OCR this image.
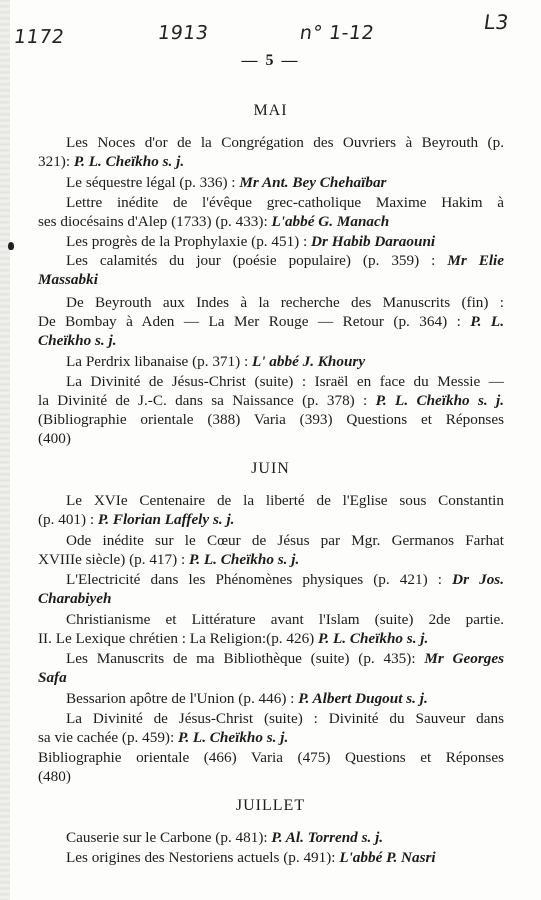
1172	1913	n° 1-12	L3
— 5 —
MAI
Les Noces d'or de la Congrégation des Ouvriers à Beyrouth (p.
321): P. L. Cheïkho s. j.
Le séquestre légal (p. 336) : Mr Ant. Bey Chehaïbar
Lettre inédite de l'évêque grec-catholique Maxime Hakim à
ses diocésains d'Alep (1733) (p. 433): L'abbé G. Manach
Les progrès de la Prophylaxie (p. 451) : Dr Habib Daraouni
Les calamités du jour (poésie populaire) (p. 359) : Mr Elie
Massabki
De Beyrouth aux Indes à la recherche des Manuscrits (fin) :
De Bombay à Aden — La Mer Rouge — Retour (p. 364) : P. L.
Cheïkho s. j.
La Perdrix libanaise (p. 371) : L' abbé J. Khoury
La Divinité de Jésus-Christ (suite) : Israël en face du Messie —
la Divinité de J.-C. dans sa Naissance (p. 378) : P. L. Cheïkho s. j.
(Bibliographie orientale (388) Varia (393) Questions et Réponses
(400)
JUIN
Le XVIe Centenaire de la liberté de l'Eglise sous Constantin
(p. 401) : P. Florian Laffely s. j.
Ode inédite sur le Cœur de Jésus par Mgr. Germanos Farhat
XVIIIe siècle) (p. 417) : P. L. Cheïkho s. j.
L'Electricité dans les Phénomènes physiques (p. 421) : Dr Jos.
Charabiyeh
Christianisme et Littérature avant l'Islam (suite) 2de partie.
II. Le Lexique chrétien : La Religion:(p. 426) P. L. Cheïkho s. j.
Les Manuscrits de ma Bibliothèque (suite) (p. 435): Mr Georges
Safa
Bessarion apôtre de l'Union (p. 446) : P. Albert Dugout s. j.
La Divinité de Jésus-Christ (suite) : Divinité du Sauveur dans
sa vie cachée (p. 459): P. L. Cheïkho s. j.
Bibliographie orientale (466) Varia (475) Questions et Réponses
(480)
JUILLET
Causerie sur le Carbone (p. 481): P. Al. Torrend s. j.
Les origines des Nestoriens actuels (p. 491): L'abbé P. Nasri
